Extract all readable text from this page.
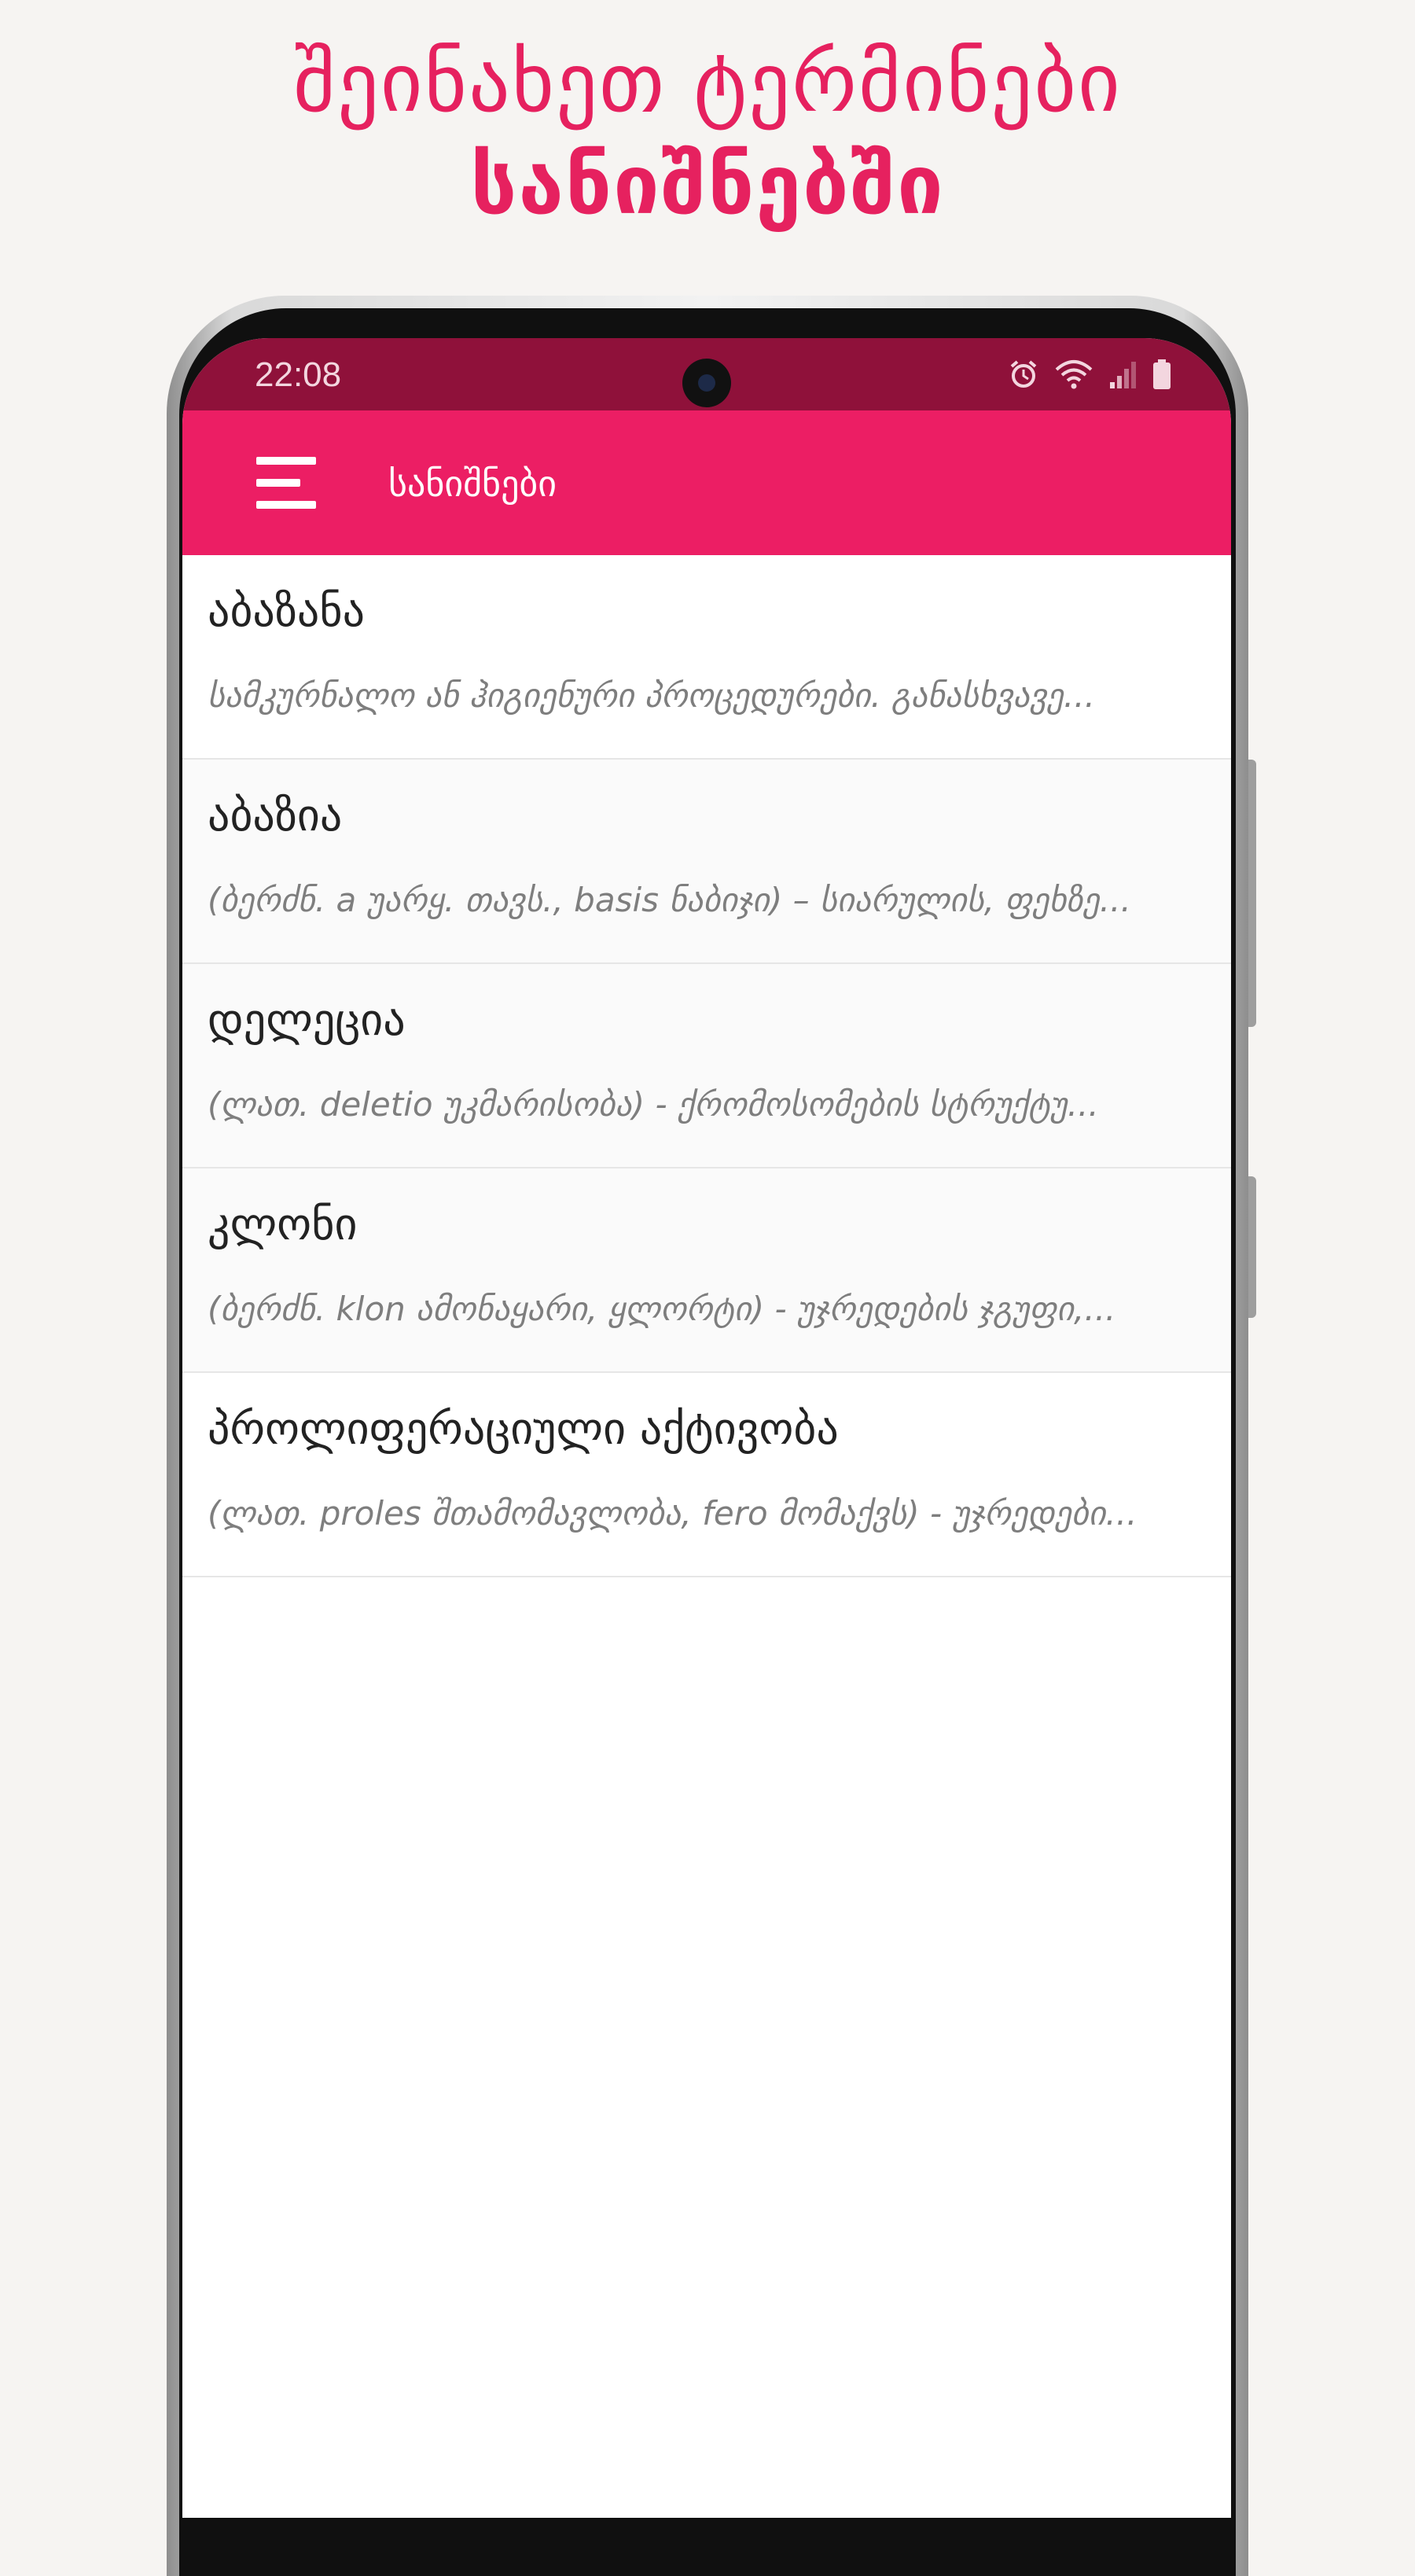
შეინახეთ ტერმინები
სანიშნებში
22:08
სანიშნები
აბაზანა
სამკურნალო ან ჰიგიენური პროცედურები. განასხვავე...
აბაზია
(ბერძნ. a უარყ. თავს., basis ნაბიჯი) – სიარულის, ფეხზე...
დელეცია
(ლათ. deletio უკმარისობა) - ქრომოსომების სტრუქტუ...
კლონი
(ბერძნ. klon ამონაყარი, ყლორტი) - უჯრედების ჯგუფი,...
პროლიფერაციული აქტივობა
(ლათ. proles შთამომავლობა, fero მომაქვს) - უჯრედები...
